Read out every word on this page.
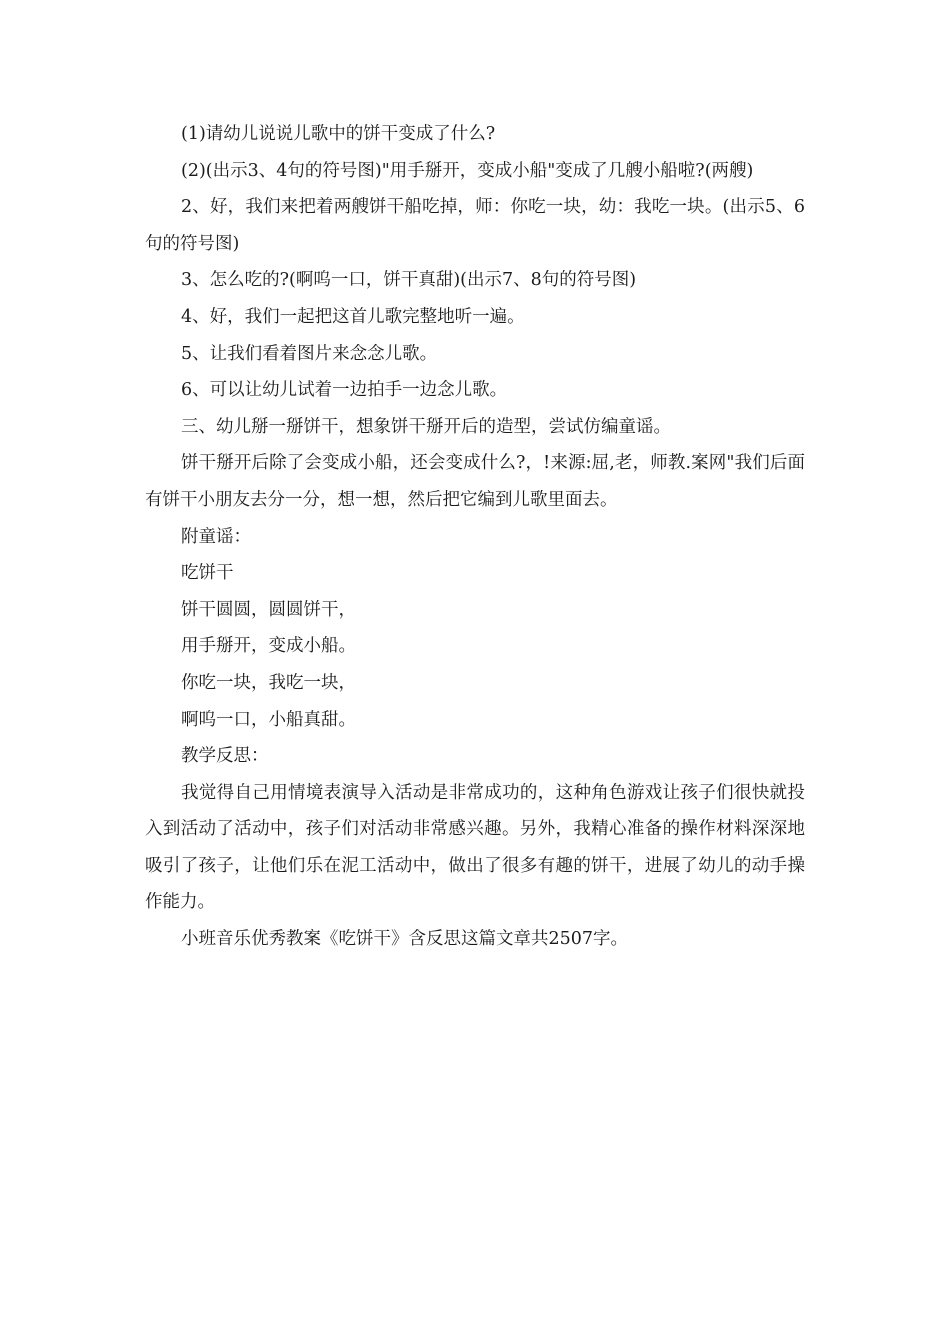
(1)请幼儿说说儿歌中的饼干变成了什么?

(2)(出示3、4句的符号图)"用手掰开，变成小船"变成了几艘小船啦?(两艘)

2、好，我们来把着两艘饼干船吃掉，师：你吃一块，幼：我吃一块。(出示5、6句的符号图)

3、怎么吃的?(啊呜一口，饼干真甜)(出示7、8句的符号图)

4、好，我们一起把这首儿歌完整地听一遍。

5、让我们看着图片来念念儿歌。

6、可以让幼儿试着一边拍手一边念儿歌。

三、幼儿掰一掰饼干，想象饼干掰开后的造型，尝试仿编童谣。

饼干掰开后除了会变成小船，还会变成什么?，!来源:屈,老，师教.案网"我们后面有饼干小朋友去分一分，想一想，然后把它编到儿歌里面去。

附童谣：

吃饼干

饼干圆圆，圆圆饼干，

用手掰开，变成小船。

你吃一块，我吃一块，

啊呜一口，小船真甜。

教学反思：

我觉得自己用情境表演导入活动是非常成功的，这种角色游戏让孩子们很快就投入到活动了活动中，孩子们对活动非常感兴趣。另外，我精心准备的操作材料深深地吸引了孩子，让他们乐在泥工活动中，做出了很多有趣的饼干，进展了幼儿的动手操作能力。

小班音乐优秀教案《吃饼干》含反思这篇文章共2507字。
